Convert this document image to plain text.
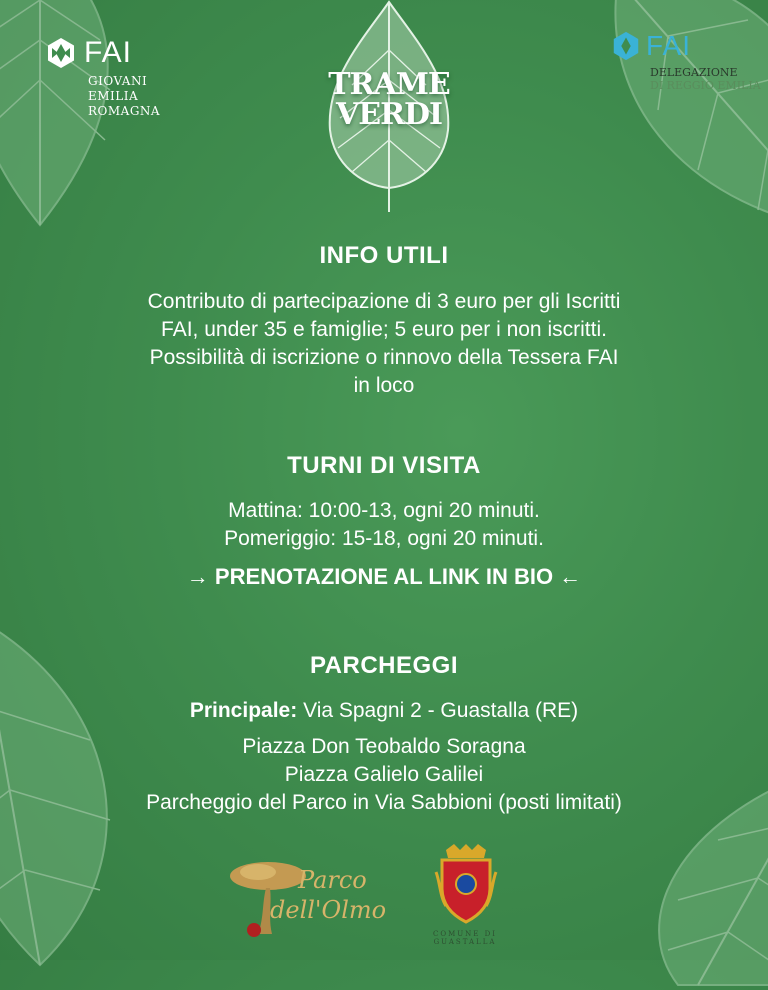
FAI
GIOVANI
EMILIA
ROMAGNA
FAI
DELEGAZIONE
DI REGGIO EMILIA
TRAME
VERDI
INFO UTILI
Contributo di partecipazione di 3 euro per gli Iscritti
FAI, under 35 e famiglie; 5 euro per i non iscritti.
Possibilità di iscrizione o rinnovo della Tessera FAI
in loco
TURNI DI VISITA
Mattina: 10:00-13, ogni 20 minuti.
Pomeriggio: 15-18, ogni 20 minuti.
→ PRENOTAZIONE AL LINK IN BIO ←
PARCHEGGI
Principale: Via Spagni 2 - Guastalla (RE)
Piazza Don Teobaldo Soragna
Piazza Galielo Galilei
Parcheggio del Parco in Via Sabbioni (posti limitati)
Parco
dell'Olmo
COMUNE DI GUASTALLA
